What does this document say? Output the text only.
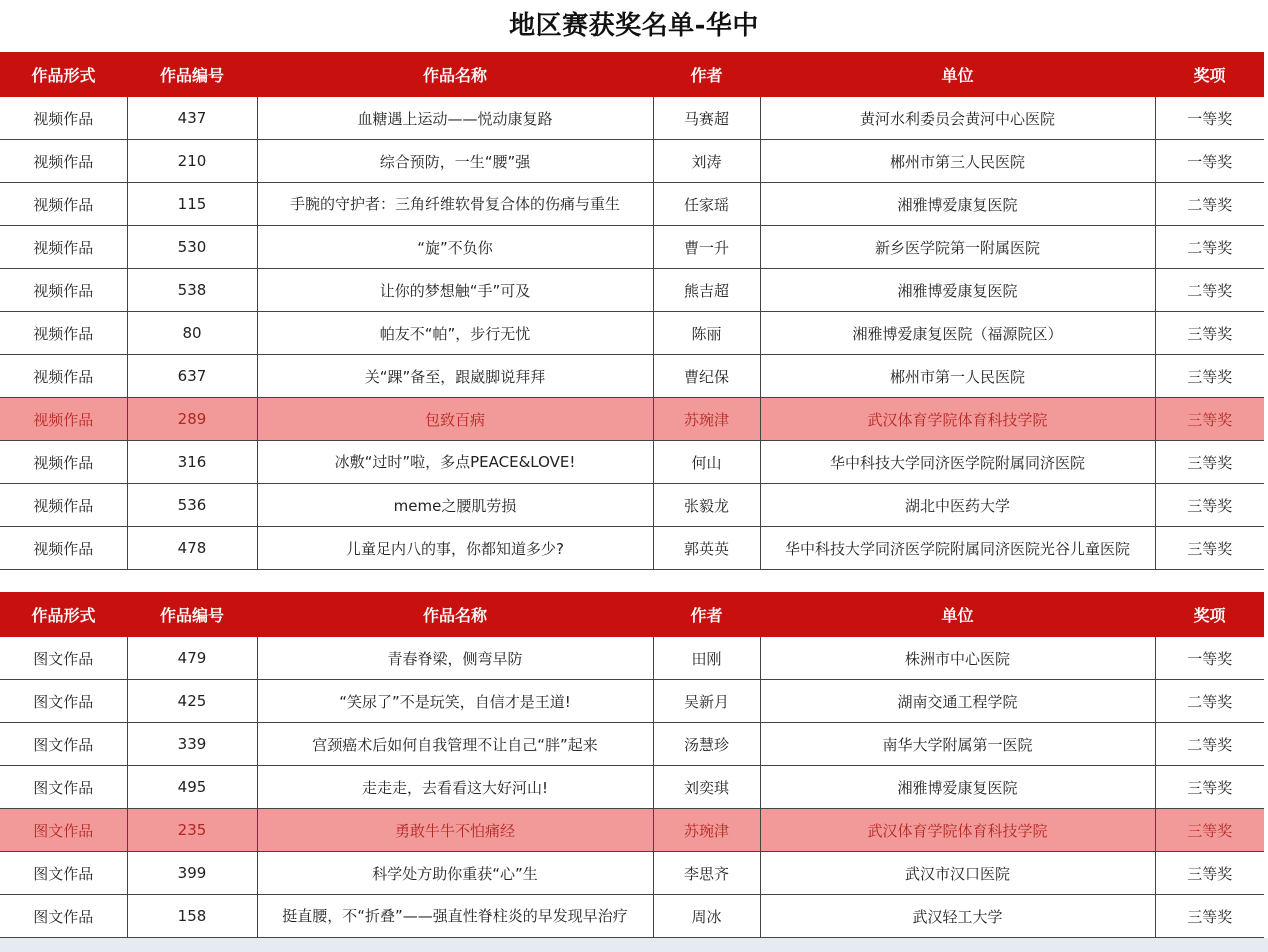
地区赛获奖名单-华中
作品形式	作品编号	作品名称	作者	单位	奖项
视频作品	437	血糖遇上运动——悦动康复路	马赛超	黄河水利委员会黄河中心医院	一等奖
视频作品	210	综合预防，一生“腰”强	刘涛	郴州市第三人民医院	一等奖
视频作品	115	手腕的守护者：三角纤维软骨复合体的伤痛与重生	任家瑶	湘雅博爱康复医院	二等奖
视频作品	530	“旋”不负你	曹一升	新乡医学院第一附属医院	二等奖
视频作品	538	让你的梦想触“手”可及	熊吉超	湘雅博爱康复医院	二等奖
视频作品	80	帕友不“帕”，步行无忧	陈丽	湘雅博爱康复医院（福源院区）	三等奖
视频作品	637	关“踝”备至，跟崴脚说拜拜	曹纪保	郴州市第一人民医院	三等奖
视频作品	289	包致百病	苏琬津	武汉体育学院体育科技学院	三等奖
视频作品	316	冰敷“过时”啦，多点PEACE&LOVE!	何山	华中科技大学同济医学院附属同济医院	三等奖
视频作品	536	meme之腰肌劳损	张毅龙	湖北中医药大学	三等奖
视频作品	478	儿童足内八的事，你都知道多少?	郭英英	华中科技大学同济医学院附属同济医院光谷儿童医院	三等奖
作品形式	作品编号	作品名称	作者	单位	奖项
图文作品	479	青春脊梁，侧弯早防	田刚	株洲市中心医院	一等奖
图文作品	425	“笑尿了”不是玩笑，自信才是王道!	吴新月	湖南交通工程学院	二等奖
图文作品	339	宫颈癌术后如何自我管理不让自己“胖”起来	汤慧珍	南华大学附属第一医院	二等奖
图文作品	495	走走走，去看看这大好河山!	刘奕琪	湘雅博爱康复医院	三等奖
图文作品	235	勇敢牛牛不怕痛经	苏琬津	武汉体育学院体育科技学院	三等奖
图文作品	399	科学处方助你重获“心”生	李思齐	武汉市汉口医院	三等奖
图文作品	158	挺直腰，不“折叠”——强直性脊柱炎的早发现早治疗	周冰	武汉轻工大学	三等奖
